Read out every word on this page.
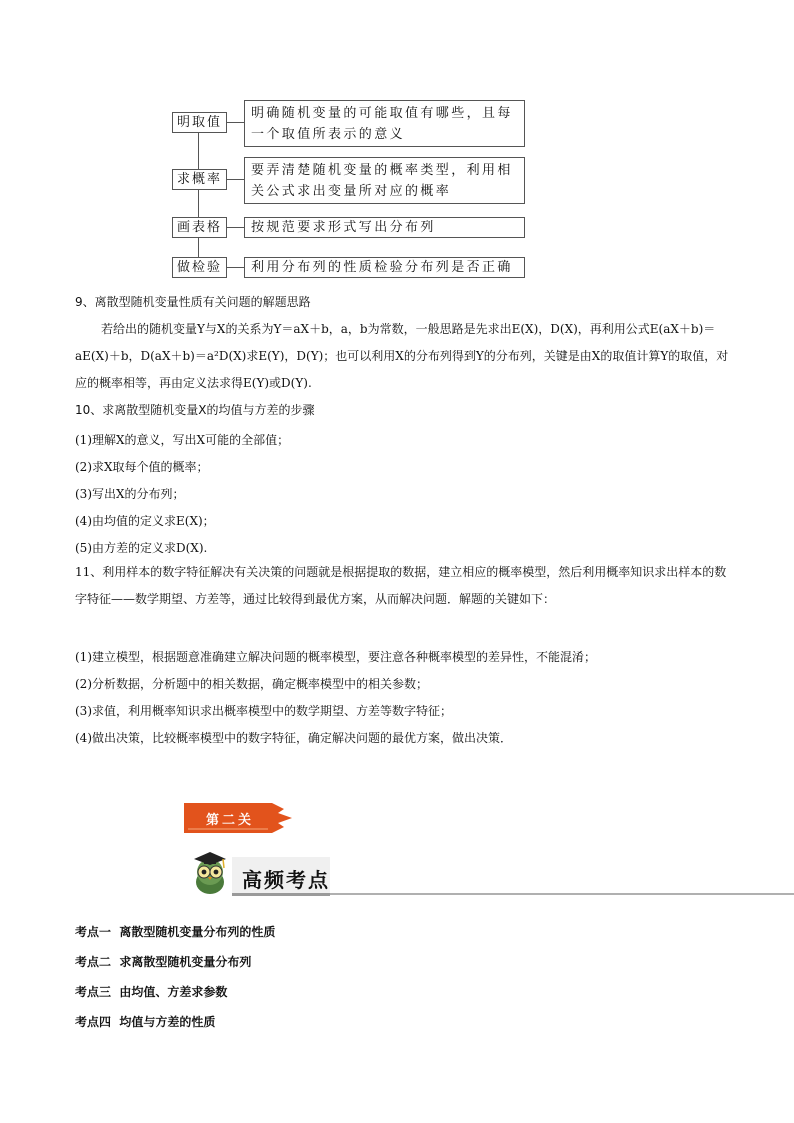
明取值
明确随机变量的可能取值有哪些，且每一个取值所表示的意义
求概率
要弄清楚随机变量的概率类型，利用相关公式求出变量所对应的概率
画表格	按规范要求形式写出分布列
做检验	利用分布列的性质检验分布列是否正确
9、离散型随机变量性质有关问题的解题思路
若给出的随机变量Y与X的关系为Y＝aX＋b，a，b为常数，一般思路是先求出E(X)，D(X)，再利用公式E(aX＋b)＝aE(X)＋b，D(aX＋b)＝a²D(X)求E(Y)，D(Y)；也可以利用X的分布列得到Y的分布列，关键是由X的取值计算Y的取值，对应的概率相等，再由定义法求得E(Y)或D(Y).
10、求离散型随机变量X的均值与方差的步骤
(1)理解X的意义，写出X可能的全部值；
(2)求X取每个值的概率；
(3)写出X的分布列；
(4)由均值的定义求E(X)；
(5)由方差的定义求D(X).
11、利用样本的数字特征解决有关决策的问题就是根据提取的数据，建立相应的概率模型，然后利用概率知识求出样本的数字特征——数学期望、方差等，通过比较得到最优方案，从而解决问题．解题的关键如下：
(1)建立模型，根据题意准确建立解决问题的概率模型，要注意各种概率模型的差异性，不能混淆；
(2)分析数据，分析题中的相关数据，确定概率模型中的相关参数；
(3)求值，利用概率知识求出概率模型中的数学期望、方差等数字特征；
(4)做出决策，比较概率模型中的数字特征，确定解决问题的最优方案，做出决策．
第二关
高频考点
考点一  离散型随机变量分布列的性质
考点二  求离散型随机变量分布列
考点三  由均值、方差求参数
考点四  均值与方差的性质
